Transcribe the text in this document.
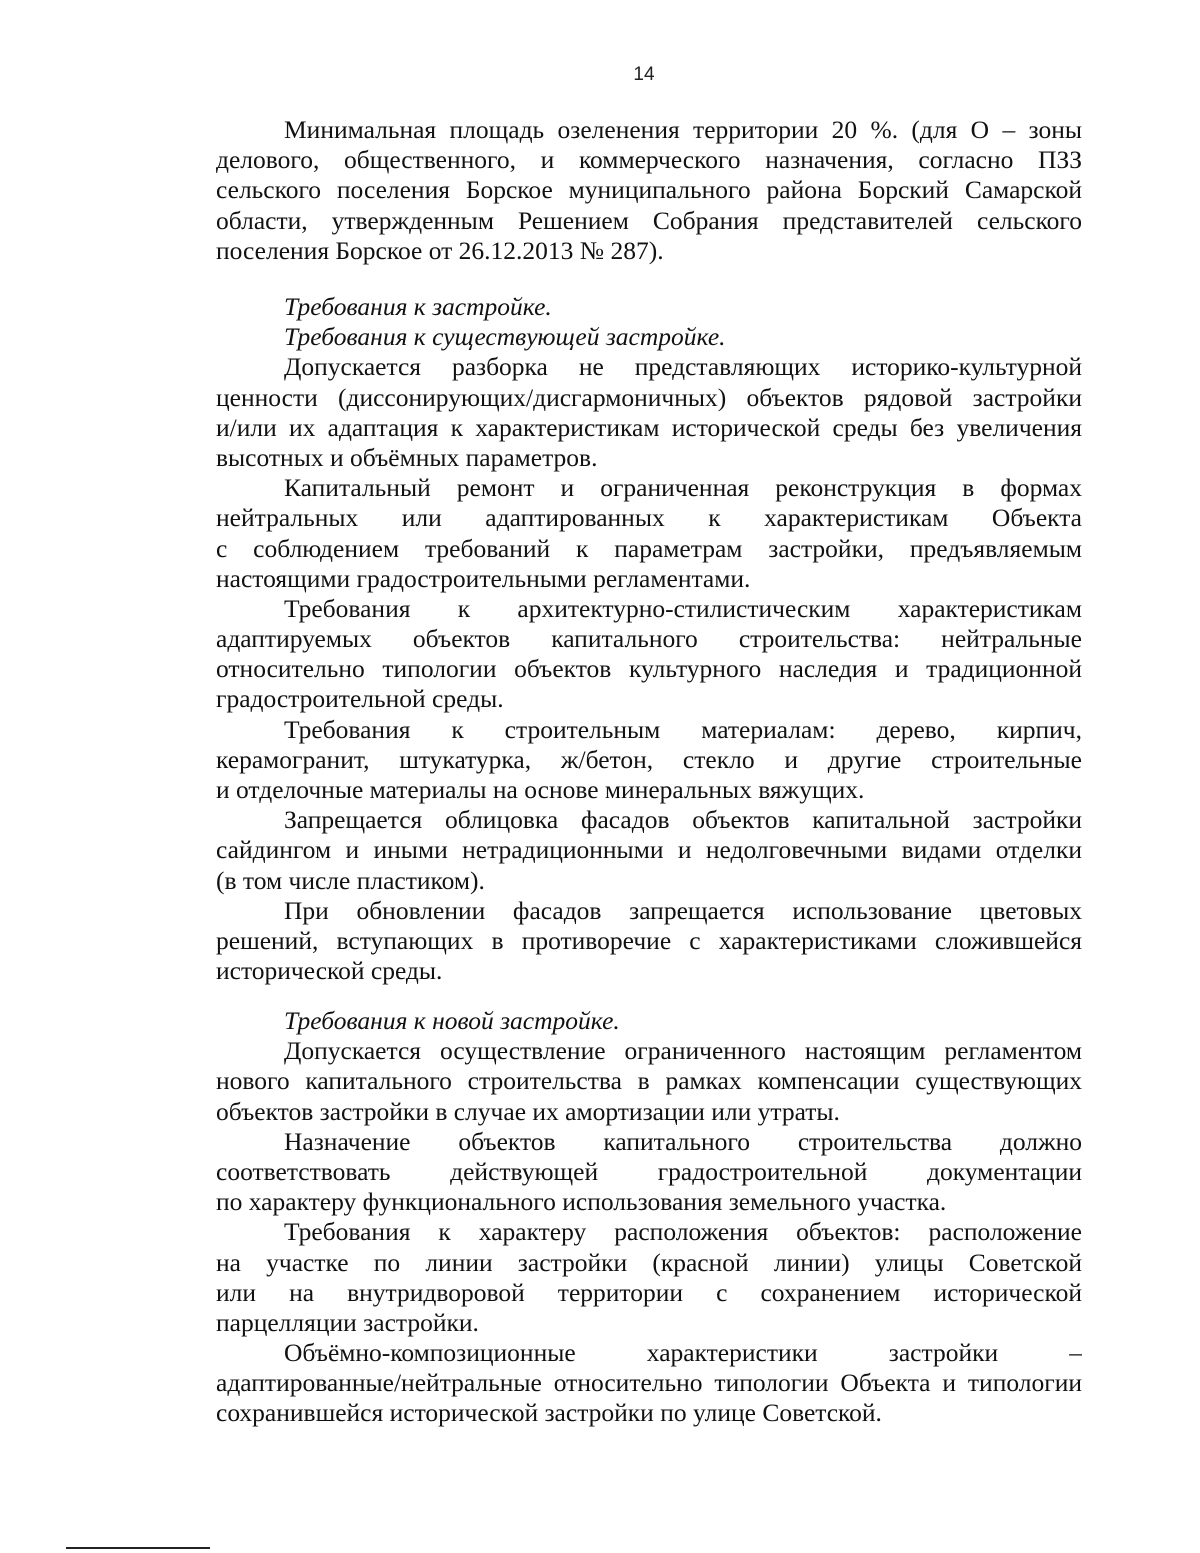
14
Минимальная площадь озеленения территории 20 %. (для О – зоны
делового, общественного, и коммерческого назначения, согласно ПЗЗ
сельского поселения Борское муниципального района Борский Самарской
области, утвержденным Решением Собрания представителей сельского
поселения Борское от 26.12.2013 № 287).
Требования к застройке.
Требования к существующей застройке.
Допускается разборка не представляющих историко-культурной
ценности (диссонирующих/дисгармоничных) объектов рядовой застройки
и/или их адаптация к характеристикам исторической среды без увеличения
высотных и объёмных параметров.
Капитальный ремонт и ограниченная реконструкция в формах
нейтральных или адаптированных к характеристикам Объекта
с соблюдением требований к параметрам застройки, предъявляемым
настоящими градостроительными регламентами.
Требования к архитектурно-стилистическим характеристикам
адаптируемых объектов капитального строительства: нейтральные
относительно типологии объектов культурного наследия и традиционной
градостроительной среды.
Требования к строительным материалам: дерево, кирпич,
керамогранит, штукатурка, ж/бетон, стекло и другие строительные
и отделочные материалы на основе минеральных вяжущих.
Запрещается облицовка фасадов объектов капитальной застройки
сайдингом и иными нетрадиционными и недолговечными видами отделки
(в том числе пластиком).
При обновлении фасадов запрещается использование цветовых
решений, вступающих в противоречие с характеристиками сложившейся
исторической среды.
Требования к новой застройке.
Допускается осуществление ограниченного настоящим регламентом
нового капитального строительства в рамках компенсации существующих
объектов застройки в случае их амортизации или утраты.
Назначение объектов капитального строительства должно
соответствовать действующей градостроительной документации
по характеру функционального использования земельного участка.
Требования к характеру расположения объектов: расположение
на участке по линии застройки (красной линии) улицы Советской
или на внутридворовой территории с сохранением исторической
парцелляции застройки.
Объёмно-композиционные характеристики застройки –
адаптированные/нейтральные относительно типологии Объекта и типологии
сохранившейся исторической застройки по улице Советской.
